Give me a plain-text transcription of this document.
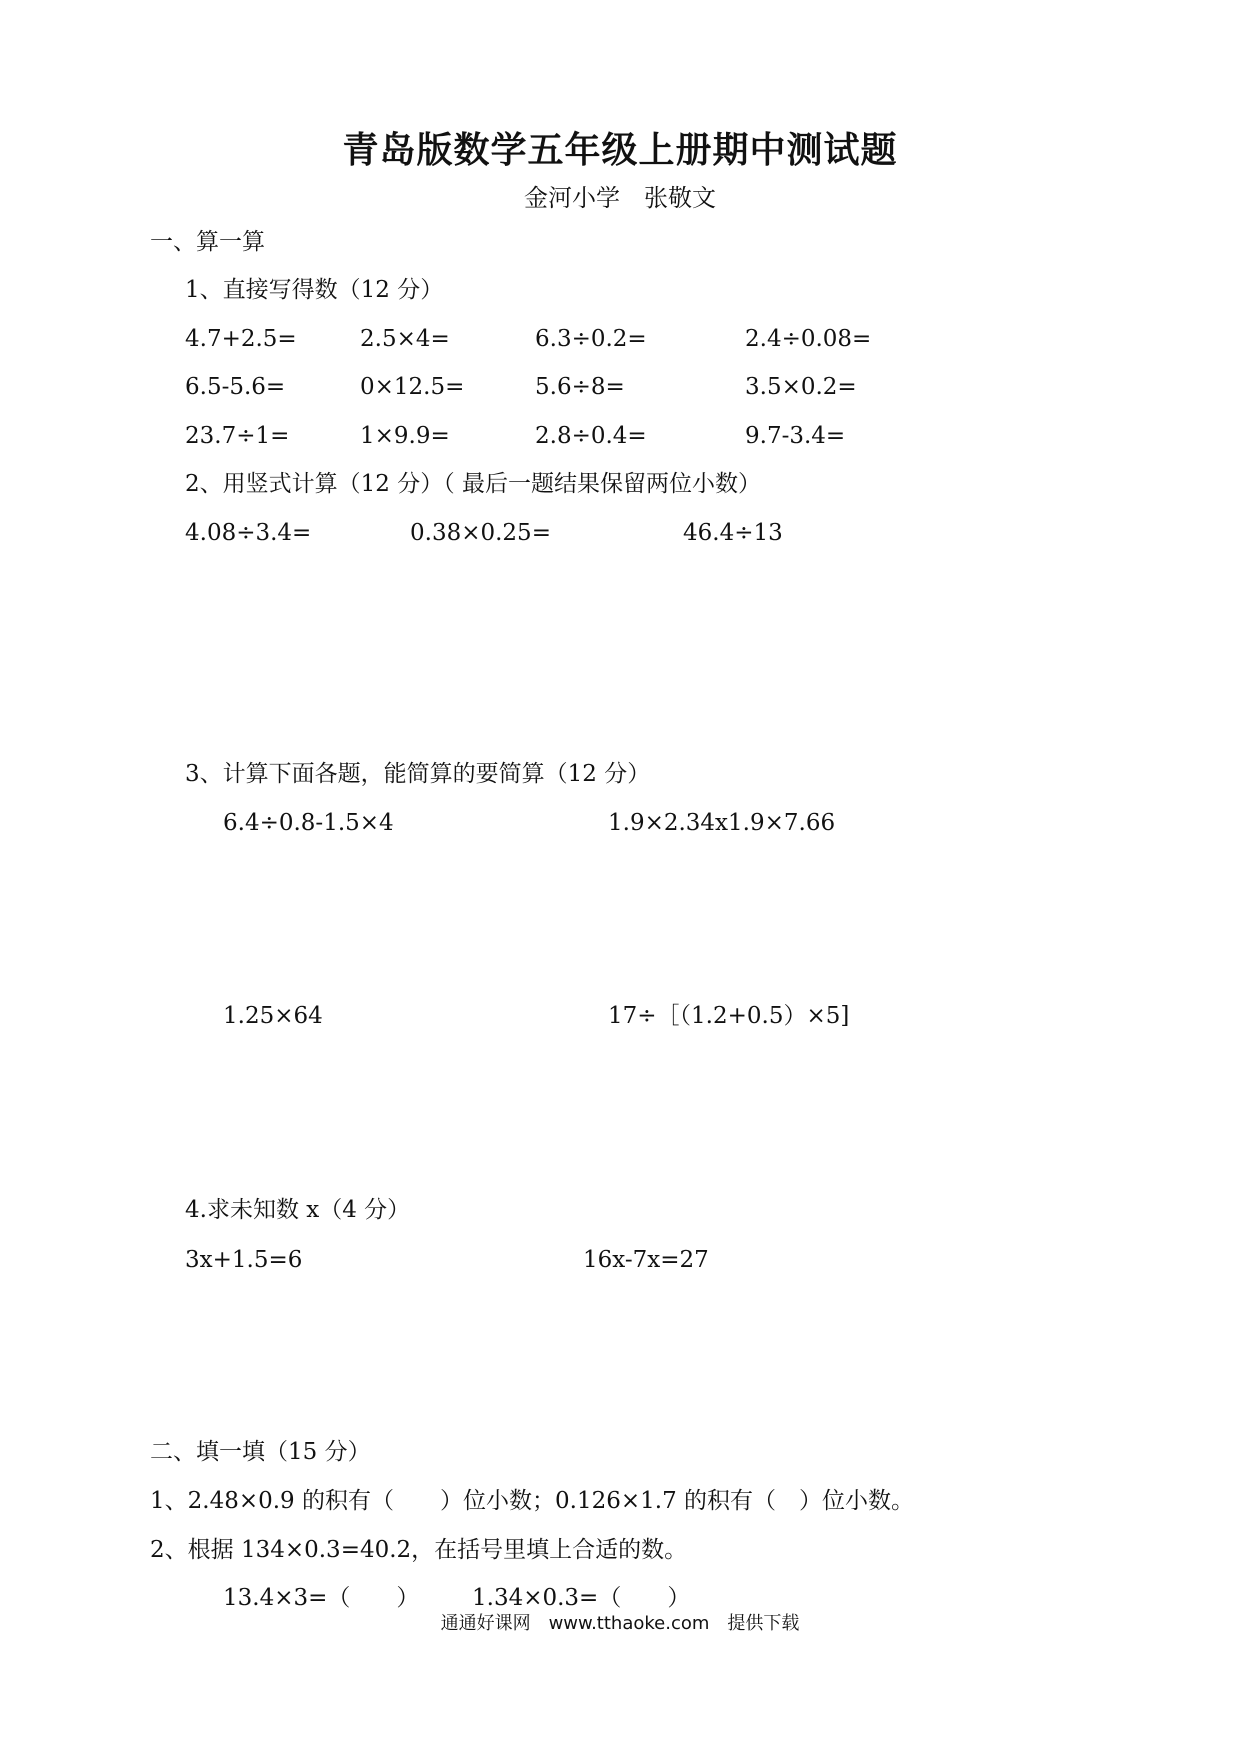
青岛版数学五年级上册期中测试题
金河小学　张敬文
一、算一算
1、直接写得数（12 分）
4.7+2.5=	2.5×4=	6.3÷0.2=	2.4÷0.08=
6.5-5.6=	0×12.5=	5.6÷8=	3.5×0.2=
23.7÷1=	1×9.9=	2.8÷0.4=	9.7-3.4=
2、用竖式计算（12 分）（ 最后一题结果保留两位小数）
4.08÷3.4=	0.38×0.25=	46.4÷13
3、计算下面各题，能简算的要简算（12 分）
6.4÷0.8-1.5×4	1.9×2.34x1.9×7.66
1.25×64	17÷［（1.2+0.5）×5]
4.求未知数 x（4 分）
3x+1.5=6	16x-7x=27
二、填一填（15 分）
1、2.48×0.9 的积有（　　）位小数；0.126×1.7 的积有（　）位小数。
2、根据 134×0.3=40.2，在括号里填上合适的数。
13.4×3=（　　） 1.34×0.3=（　　）
通通好课网　www.tthaoke.com　提供下载
